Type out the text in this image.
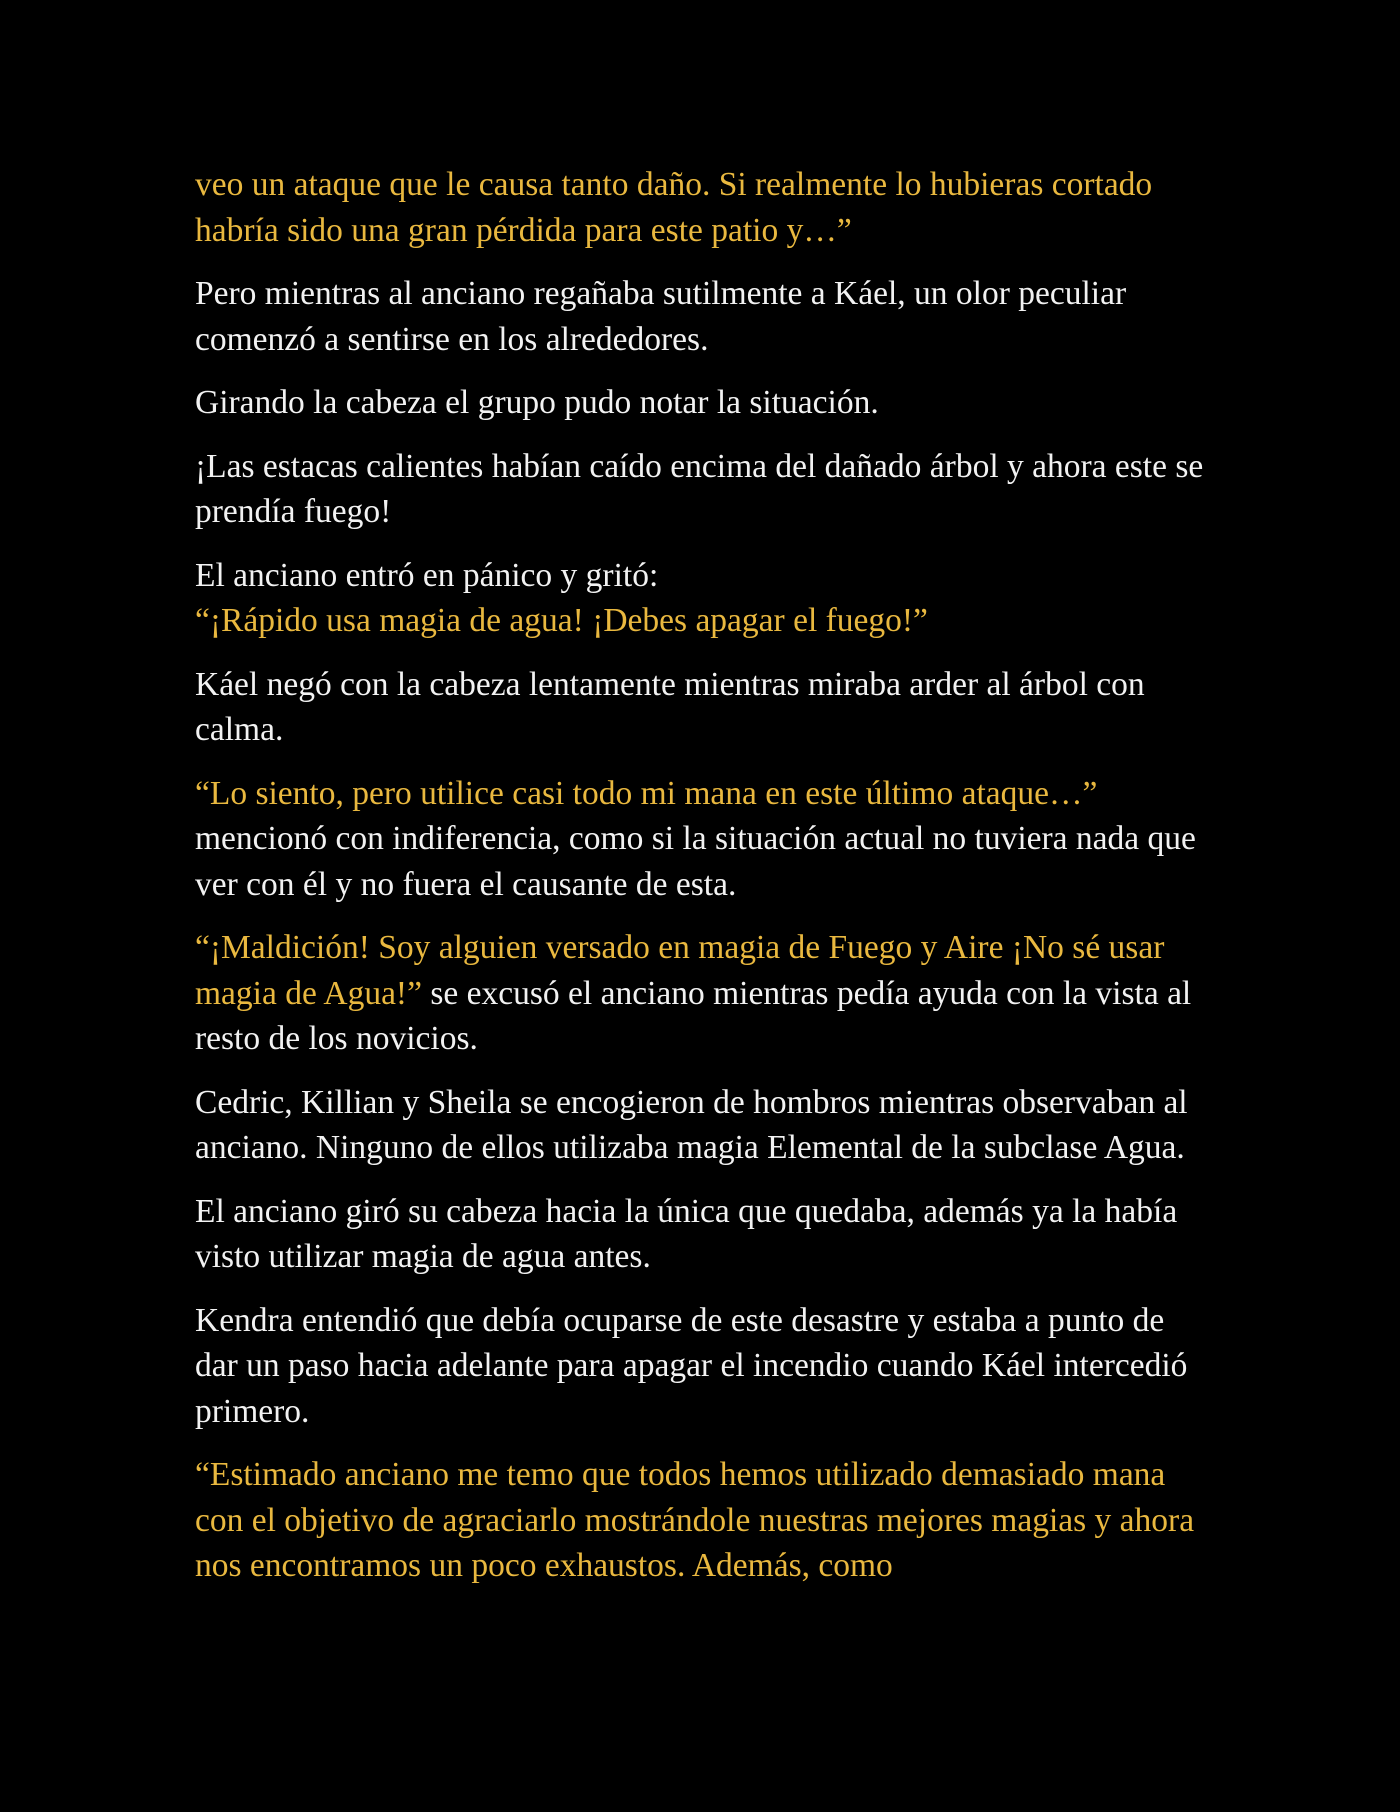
veo un ataque que le causa tanto daño. Si realmente lo hubieras cortado habría sido una gran pérdida para este patio y…”

Pero mientras al anciano regañaba sutilmente a Káel, un olor peculiar comenzó a sentirse en los alrededores.

Girando la cabeza el grupo pudo notar la situación.

¡Las estacas calientes habían caído encima del dañado árbol y ahora este se prendía fuego!

El anciano entró en pánico y gritó:
“¡Rápido usa magia de agua! ¡Debes apagar el fuego!”

Káel negó con la cabeza lentamente mientras miraba arder al árbol con calma.

“Lo siento, pero utilice casi todo mi mana en este último ataque…” mencionó con indiferencia, como si la situación actual no tuviera nada que ver con él y no fuera el causante de esta.

“¡Maldición! Soy alguien versado en magia de Fuego y Aire ¡No sé usar magia de Agua!” se excusó el anciano mientras pedía ayuda con la vista al resto de los novicios.

Cedric, Killian y Sheila se encogieron de hombros mientras observaban al anciano. Ninguno de ellos utilizaba magia Elemental de la subclase Agua.

El anciano giró su cabeza hacia la única que quedaba, además ya la había visto utilizar magia de agua antes.

Kendra entendió que debía ocuparse de este desastre y estaba a punto de dar un paso hacia adelante para apagar el incendio cuando Káel intercedió primero.

“Estimado anciano me temo que todos hemos utilizado demasiado mana con el objetivo de agraciarlo mostrándole nuestras mejores magias y ahora nos encontramos un poco exhaustos. Además, como
